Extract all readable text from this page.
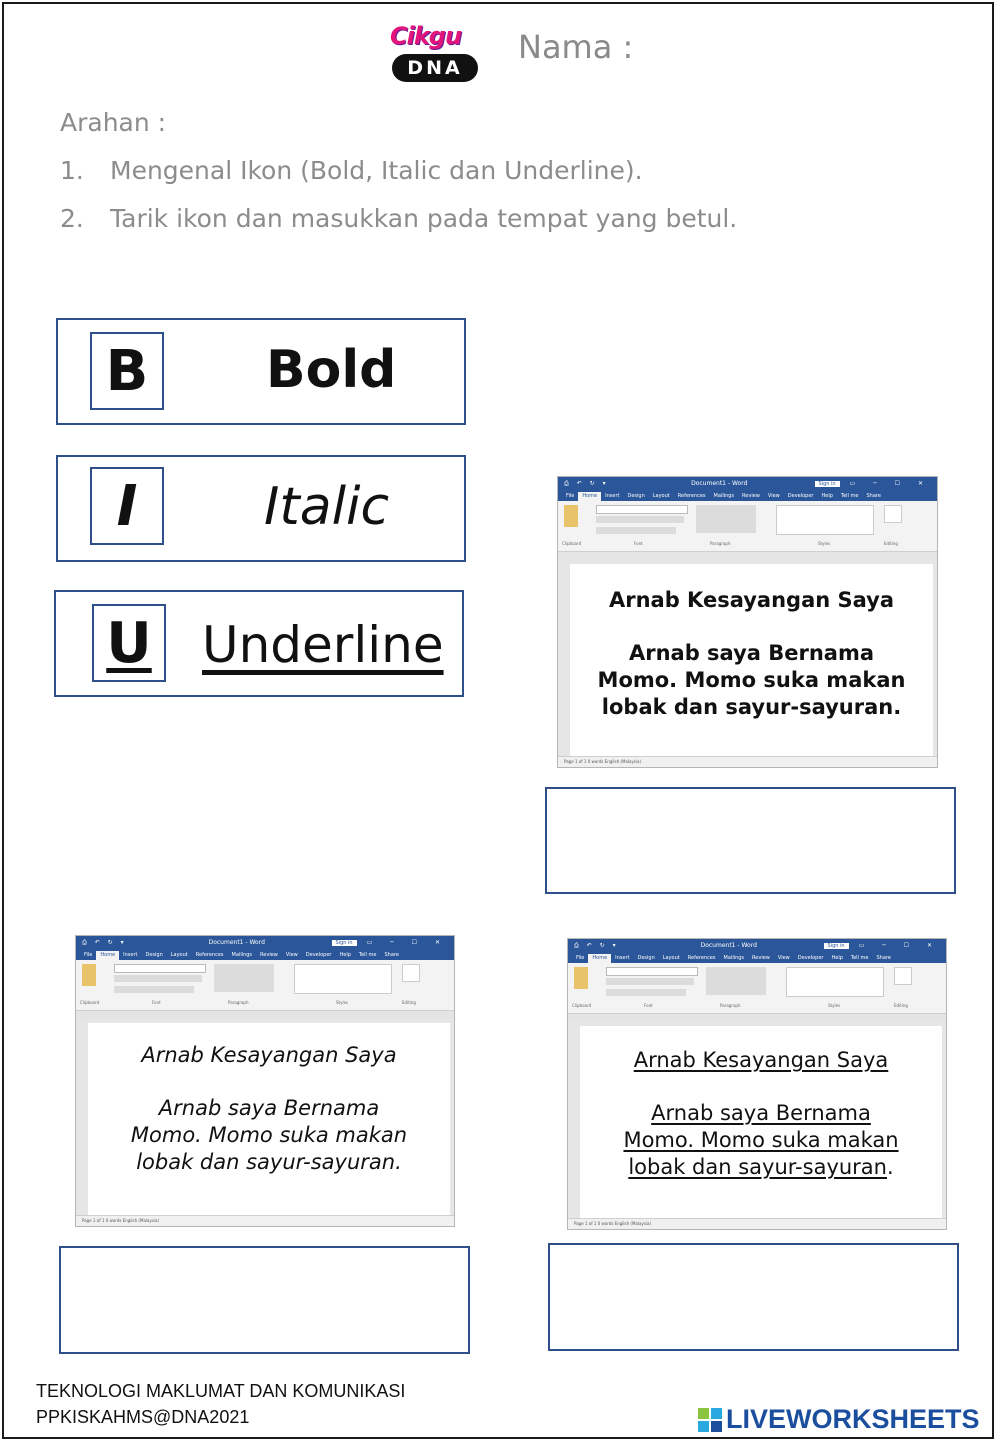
Cikgu
DNA
Nama :
Arahan :
1. Mengenal Ikon (Bold, Italic dan Underline).
2. Tarik ikon dan masukkan pada tempat yang betul.
B	Bold
I	Italic
U Underline
⎙ ↶ ↻ ▾	Document1 - Word	Sign in	▭ ─ ☐ ✕
File	Home	Insert	Design	Layout	References	Mailings	Review	View	Developer	Help	Tell me	Share
Clipboard	Font	Paragraph	Styles	Editing
Arnab Kesayangan Saya
Arnab saya Bernama
Momo. Momo suka makan
lobak dan sayur-sayuran.
Page 1 of 1 0 words English (Malaysia)
⎙ ↶ ↻ ▾	Document1 - Word	Sign in	▭ ─ ☐ ✕
File	Home	Insert	Design	Layout	References	Mailings	Review	View	Developer	Help	Tell me	Share
Clipboard	Font	Paragraph	Styles	Editing
Arnab Kesayangan Saya
Arnab saya Bernama
Momo. Momo suka makan
lobak dan sayur-sayuran.
Page 1 of 1 0 words English (Malaysia)
⎙ ↶ ↻ ▾	Document1 - Word	Sign in	▭ ─ ☐ ✕
File	Home	Insert	Design	Layout	References	Mailings	Review	View	Developer	Help	Tell me	Share
Clipboard	Font	Paragraph	Styles	Editing
Arnab Kesayangan Saya
Arnab saya Bernama
Momo. Momo suka makan
lobak dan sayur-sayuran.
Page 1 of 1 0 words English (Malaysia)
TEKNOLOGI MAKLUMAT DAN KOMUNIKASI
PPKISKAHMS@DNA2021	LIVEWORKSHEETS
